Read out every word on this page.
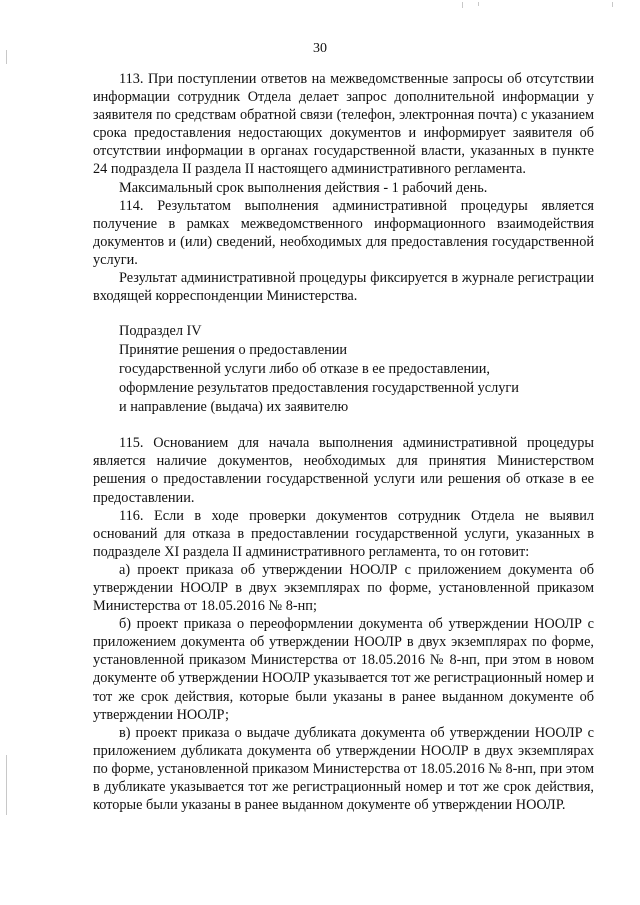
30

113. При поступлении ответов на межведомственные запросы об отсутствии информации сотрудник Отдела делает запрос дополнительной информации у заявителя по средствам обратной связи (телефон, электронная почта) с указанием срока предоставления недостающих документов и информирует заявителя об отсутствии информации в органах государственной власти, указанных в пункте 24 подраздела II раздела II настоящего административного регламента.

Максимальный срок выполнения действия - 1 рабочий день.

114. Результатом выполнения административной процедуры является получение в рамках межведомственного информационного взаимодействия документов и (или) сведений, необходимых для предоставления государственной услуги.

Результат административной процедуры фиксируется в журнале регистрации входящей корреспонденции Министерства.

Подраздел IV

Принятие решения о предоставлении

государственной услуги либо об отказе в ее предоставлении,

оформление результатов предоставления государственной услуги

и направление (выдача) их заявителю

115. Основанием для начала выполнения административной процедуры является наличие документов, необходимых для принятия Министерством решения о предоставлении государственной услуги или решения об отказе в ее предоставлении.

116. Если в ходе проверки документов сотрудник Отдела не выявил оснований для отказа в предоставлении государственной услуги, указанных в подразделе XI раздела II административного регламента, то он готовит:

а) проект приказа об утверждении НООЛР с приложением документа об утверждении НООЛР в двух экземплярах по форме, установленной приказом Министерства от 18.05.2016 № 8-нп;

б) проект приказа о переоформлении документа об утверждении НООЛР с приложением документа об утверждении НООЛР в двух экземплярах по форме, установленной приказом Министерства от 18.05.2016 № 8-нп, при этом в новом документе об утверждении НООЛР указывается тот же регистрационный номер и тот же срок действия, которые были указаны в ранее выданном документе об утверждении НООЛР;

в) проект приказа о выдаче дубликата документа об утверждении НООЛР с приложением дубликата документа об утверждении НООЛР в двух экземплярах по форме, установленной приказом Министерства от 18.05.2016 № 8-нп, при этом в дубликате указывается тот же регистрационный номер и тот же срок действия, которые были указаны в ранее выданном документе об утверждении НООЛР.
